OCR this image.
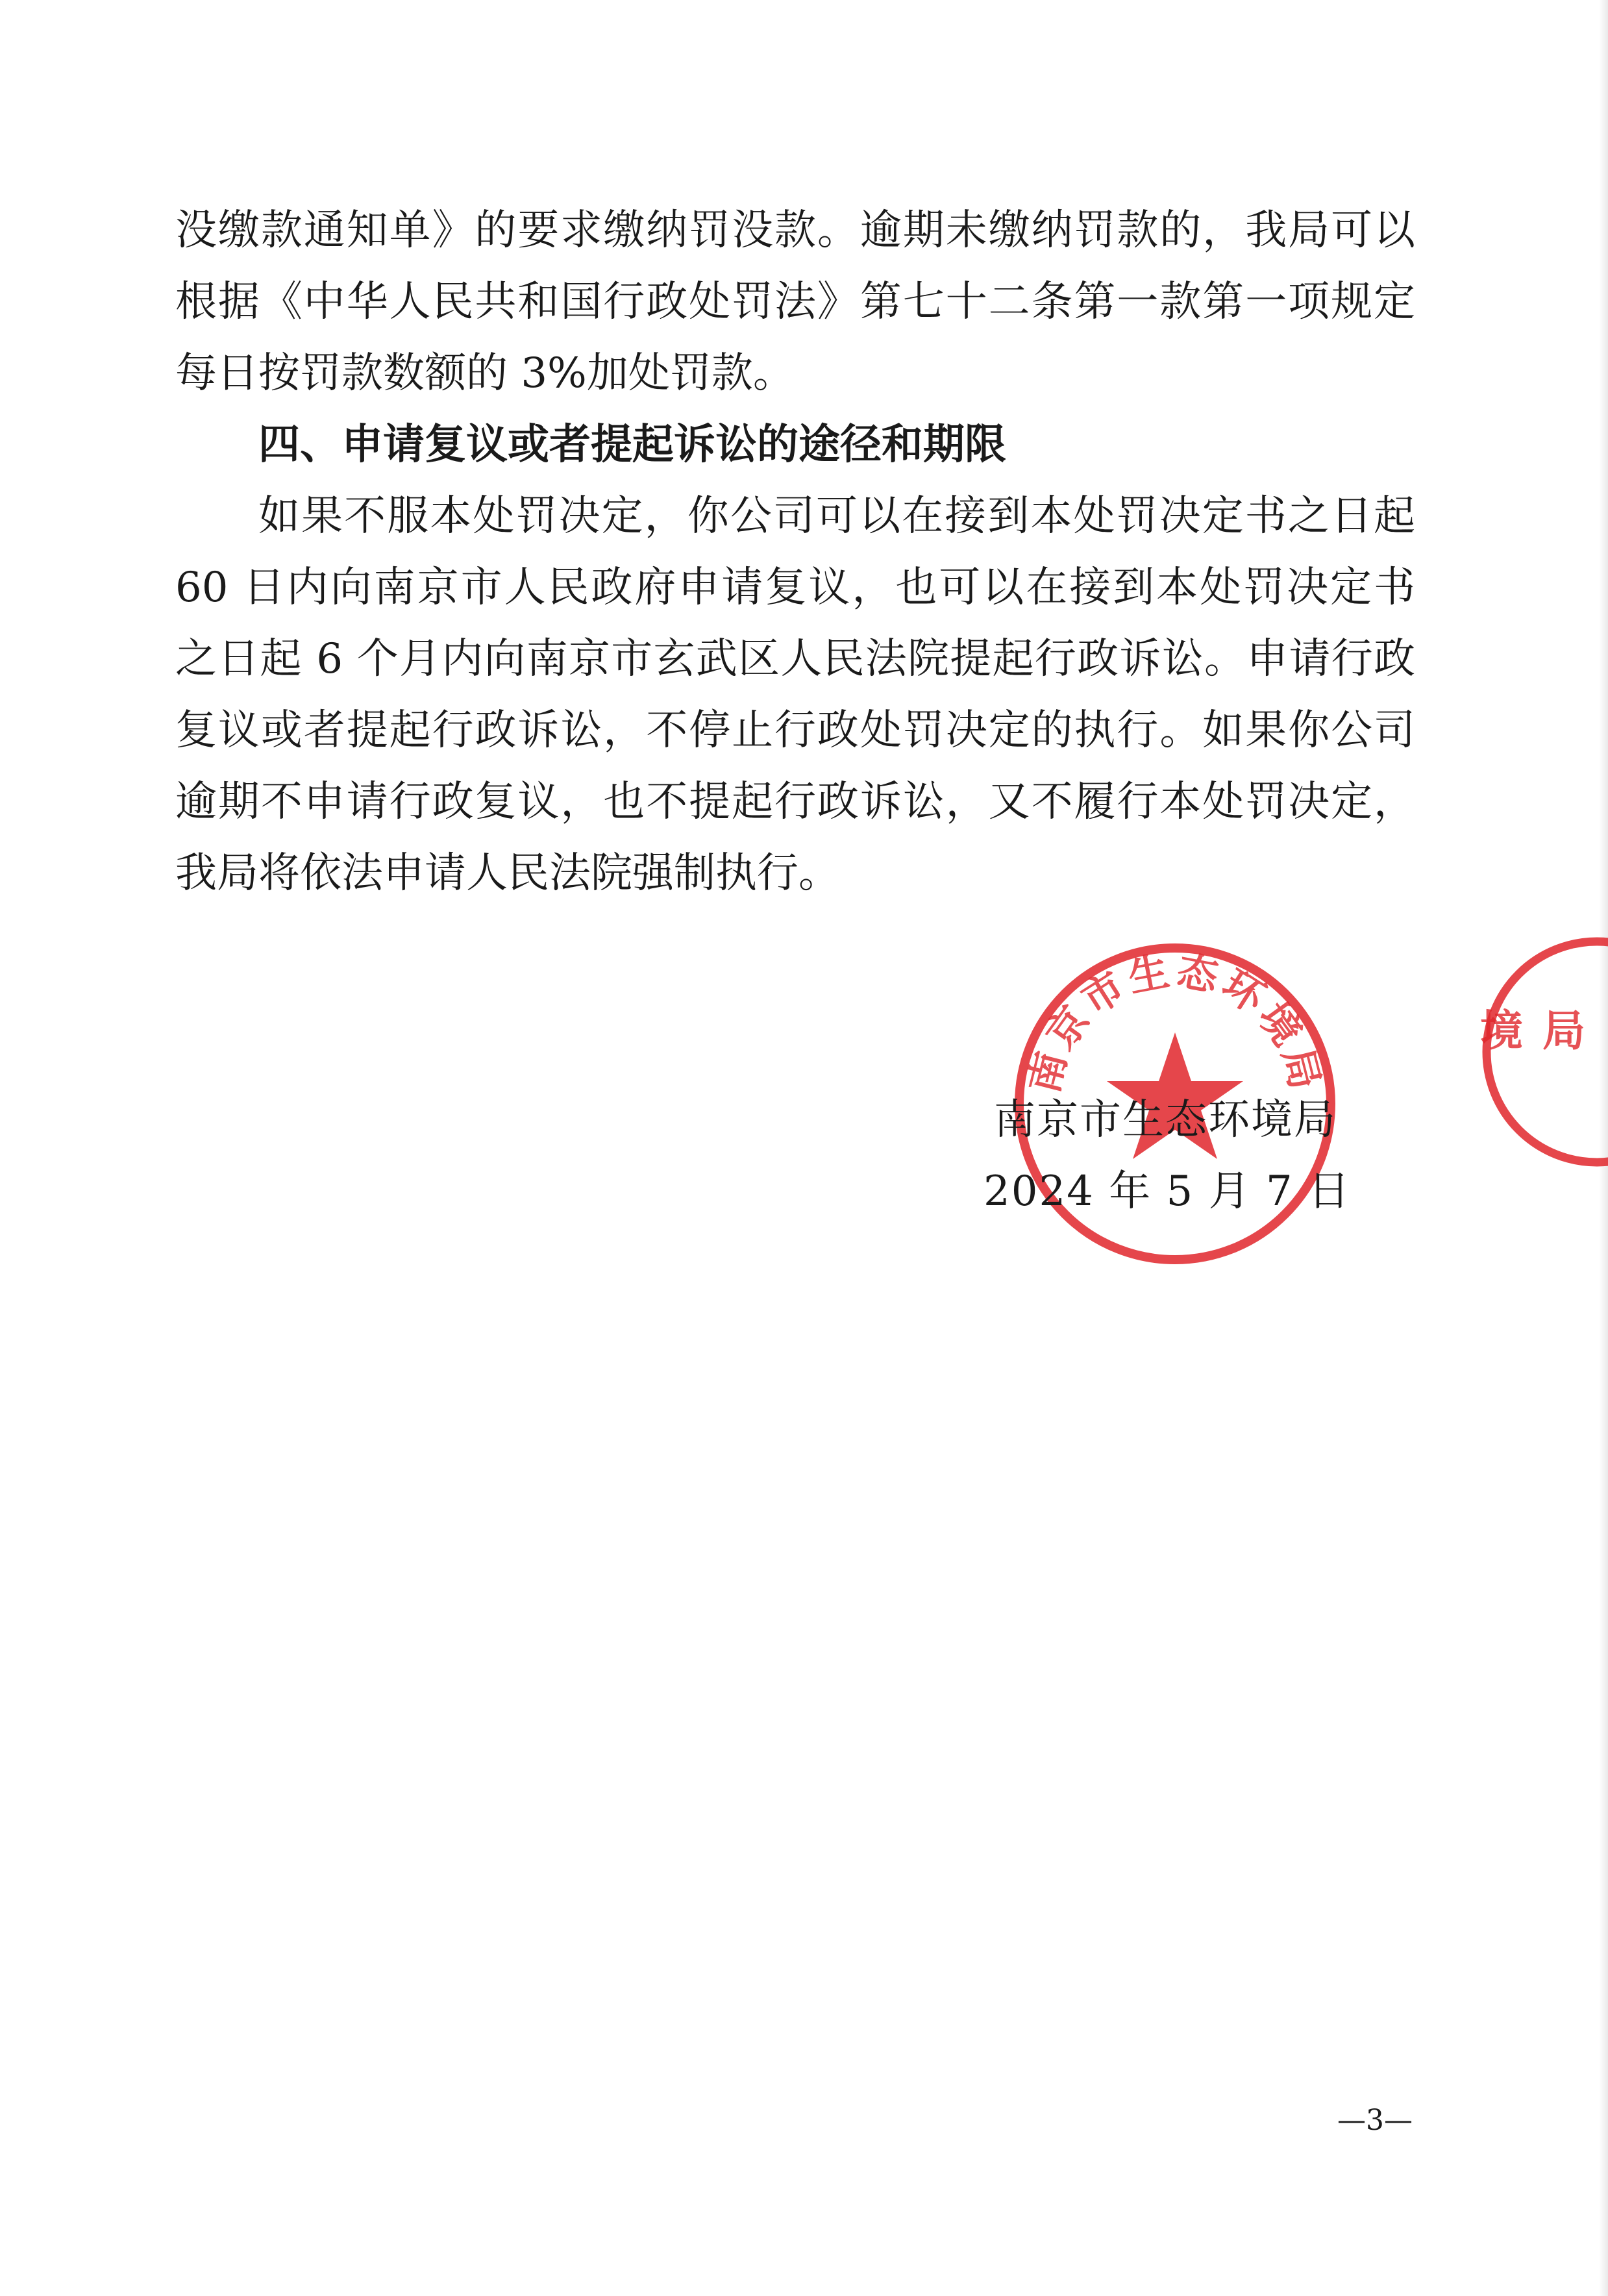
没缴款通知单》的要求缴纳罚没款。逾期未缴纳罚款的，我局可以
根据《中华人民共和国行政处罚法》第七十二条第一款第一项规定
每日按罚款数额的 3%加处罚款。
四、申请复议或者提起诉讼的途径和期限
如果不服本处罚决定，你公司可以在接到本处罚决定书之日起
60 日内向南京市人民政府申请复议，也可以在接到本处罚决定书
之日起 6 个月内向南京市玄武区人民法院提起行政诉讼。申请行政
复议或者提起行政诉讼，不停止行政处罚决定的执行。如果你公司
逾期不申请行政复议，也不提起行政诉讼，又不履行本处罚决定，
我局将依法申请人民法院强制执行。
南京市生态环境局
境局
南京市生态环境局
2024 年 5 月 7 日
—3—
